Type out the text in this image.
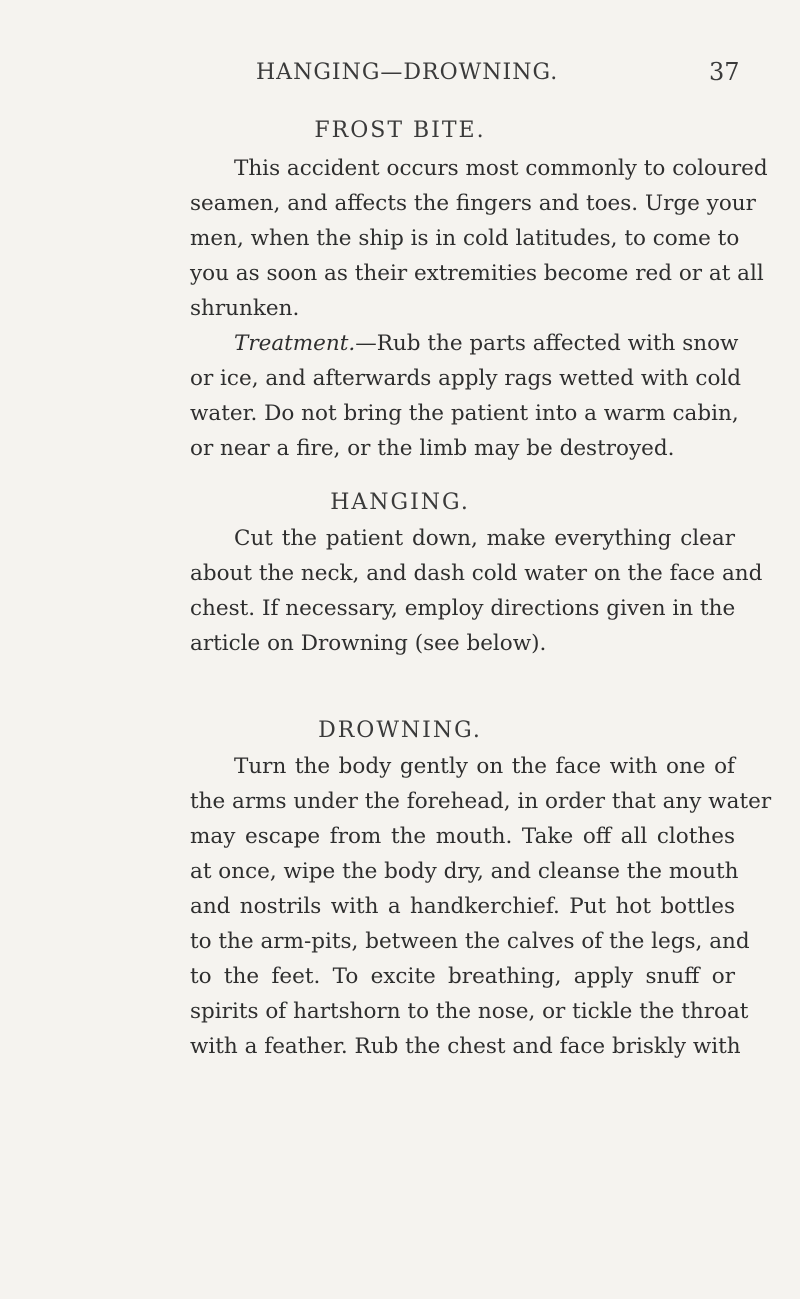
HANGING—DROWNING.	37
FROST BITE.
This accident occurs most commonly to coloured
seamen, and affects the fingers and toes. Urge your
men, when the ship is in cold latitudes, to come to
you as soon as their extremities become red or at all
shrunken.
Treatment.—Rub the parts affected with snow
or ice, and afterwards apply rags wetted with cold
water. Do not bring the patient into a warm cabin,
or near a fire, or the limb may be destroyed.
HANGING.
Cut the patient down, make everything clear
about the neck, and dash cold water on the face and
chest. If necessary, employ directions given in the
article on Drowning (see below).
DROWNING.
Turn the body gently on the face with one of
the arms under the forehead, in order that any water
may escape from the mouth. Take off all clothes
at once, wipe the body dry, and cleanse the mouth
and nostrils with a handkerchief. Put hot bottles
to the arm-pits, between the calves of the legs, and
to the feet. To excite breathing, apply snuff or
spirits of hartshorn to the nose, or tickle the throat
with a feather. Rub the chest and face briskly with
